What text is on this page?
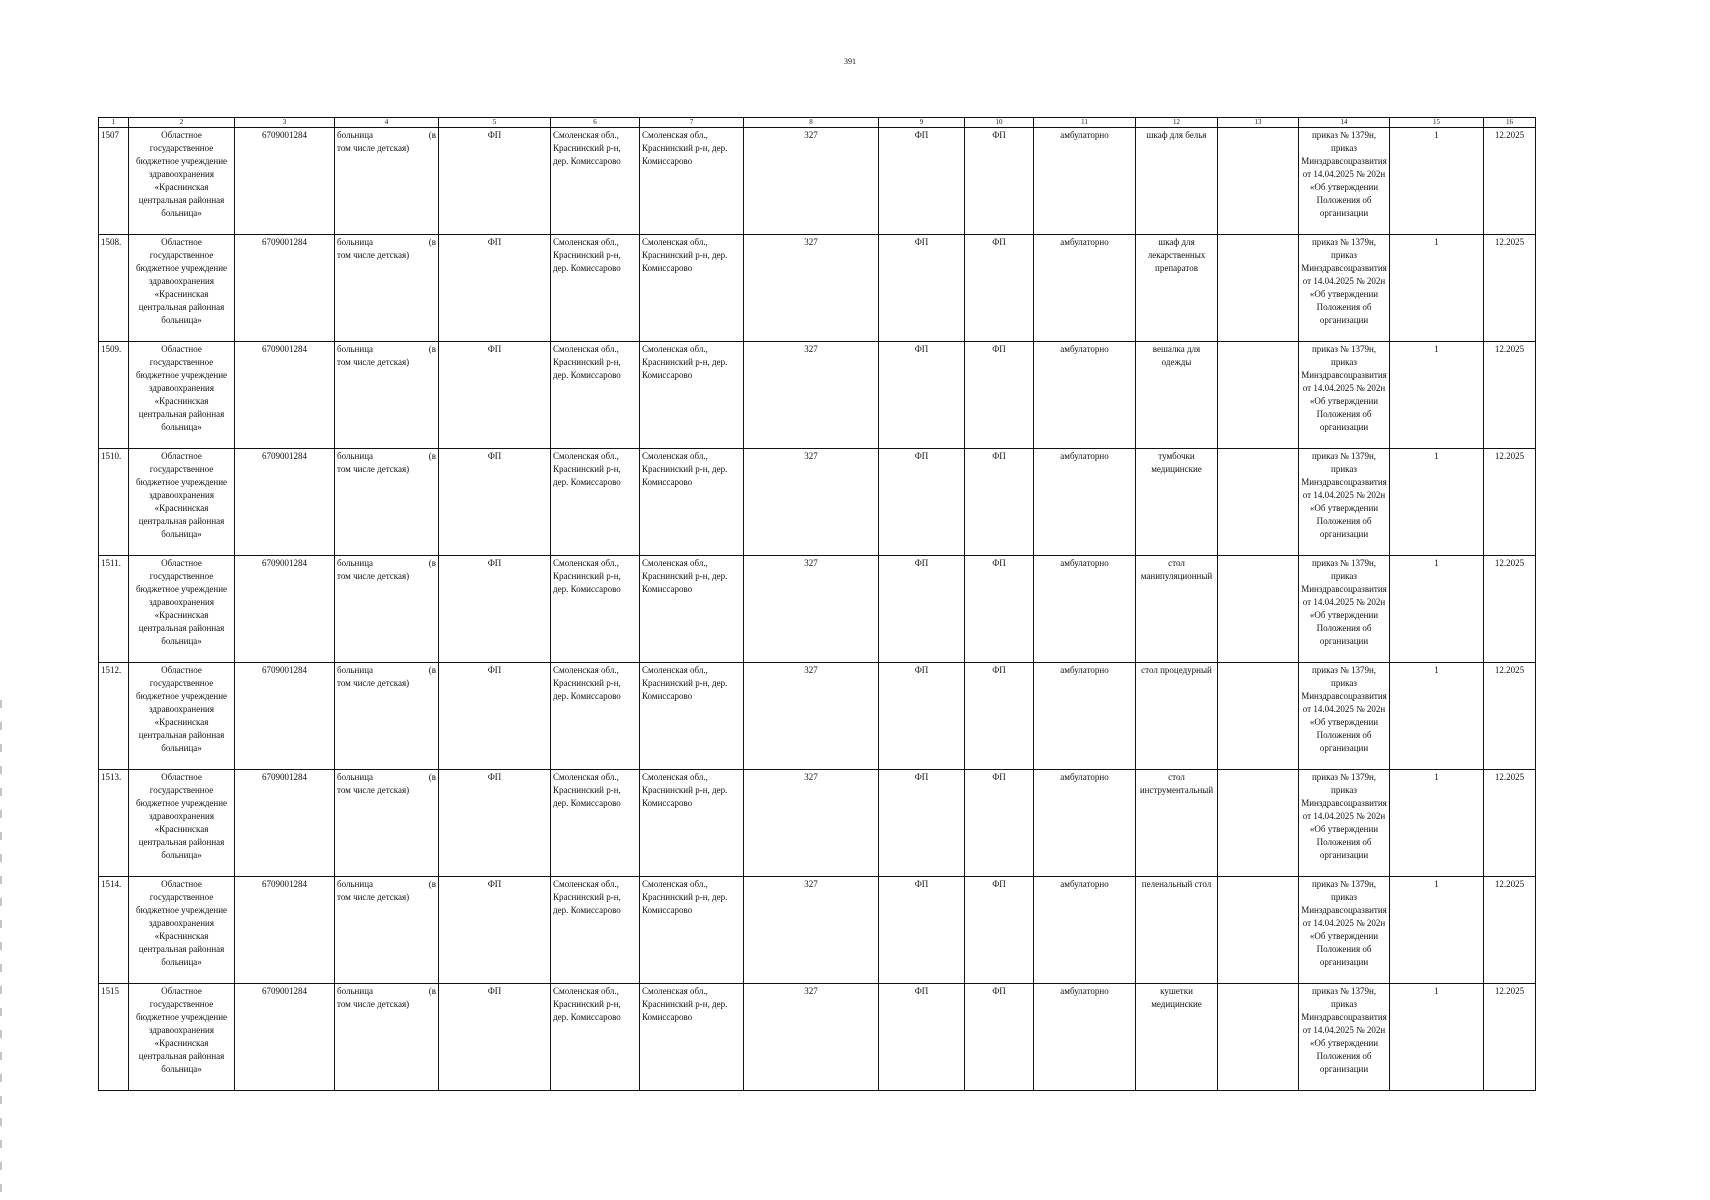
391
1	2	3	4	5	6	7	8	9	10	11	12	13	14	15	16
1507	Областное государственное бюджетное учреждение здравоохранения «Краснинская центральная районная больница»	6709001284	больница (в
том числе детская)	ФП	Смоленская обл., Краснинский р-н, дер. Комиссарово	Смоленская обл., Краснинский р-н, дер. Комиссарово	327	ФП	ФП	амбулаторно	шкаф для белья		приказ № 1379н, приказ Минздравсоцразвития от 14.04.2025 № 202н «Об утверждении Положения об организации	1	12.2025
1508.	Областное государственное бюджетное учреждение здравоохранения «Краснинская центральная районная больница»	6709001284	больница (в
том числе детская)	ФП	Смоленская обл., Краснинский р-н, дер. Комиссарово	Смоленская обл., Краснинский р-н, дер. Комиссарово	327	ФП	ФП	амбулаторно	шкаф для лекарственных препаратов		приказ № 1379н, приказ Минздравсоцразвития от 14.04.2025 № 202н «Об утверждении Положения об организации	1	12.2025
1509.	Областное государственное бюджетное учреждение здравоохранения «Краснинская центральная районная больница»	6709001284	больница (в
том числе детская)	ФП	Смоленская обл., Краснинский р-н, дер. Комиссарово	Смоленская обл., Краснинский р-н, дер. Комиссарово	327	ФП	ФП	амбулаторно	вешалка для одежды		приказ № 1379н, приказ Минздравсоцразвития от 14.04.2025 № 202н «Об утверждении Положения об организации	1	12.2025
1510.	Областное государственное бюджетное учреждение здравоохранения «Краснинская центральная районная больница»	6709001284	больница (в
том числе детская)	ФП	Смоленская обл., Краснинский р-н, дер. Комиссарово	Смоленская обл., Краснинский р-н, дер. Комиссарово	327	ФП	ФП	амбулаторно	тумбочки медицинские		приказ № 1379н, приказ Минздравсоцразвития от 14.04.2025 № 202н «Об утверждении Положения об организации	1	12.2025
1511.	Областное государственное бюджетное учреждение здравоохранения «Краснинская центральная районная больница»	6709001284	больница (в
том числе детская)	ФП	Смоленская обл., Краснинский р-н, дер. Комиссарово	Смоленская обл., Краснинский р-н, дер. Комиссарово	327	ФП	ФП	амбулаторно	стол манипуляционный		приказ № 1379н, приказ Минздравсоцразвития от 14.04.2025 № 202н «Об утверждении Положения об организации	1	12.2025
1512.	Областное государственное бюджетное учреждение здравоохранения «Краснинская центральная районная больница»	6709001284	больница (в
том числе детская)	ФП	Смоленская обл., Краснинский р-н, дер. Комиссарово	Смоленская обл., Краснинский р-н, дер. Комиссарово	327	ФП	ФП	амбулаторно	стол процедурный		приказ № 1379н, приказ Минздравсоцразвития от 14.04.2025 № 202н «Об утверждении Положения об организации	1	12.2025
1513.	Областное государственное бюджетное учреждение здравоохранения «Краснинская центральная районная больница»	6709001284	больница (в
том числе детская)	ФП	Смоленская обл., Краснинский р-н, дер. Комиссарово	Смоленская обл., Краснинский р-н, дер. Комиссарово	327	ФП	ФП	амбулаторно	стол инструментальный		приказ № 1379н, приказ Минздравсоцразвития от 14.04.2025 № 202н «Об утверждении Положения об организации	1	12.2025
1514.	Областное государственное бюджетное учреждение здравоохранения «Краснинская центральная районная больница»	6709001284	больница (в
том числе детская)	ФП	Смоленская обл., Краснинский р-н, дер. Комиссарово	Смоленская обл., Краснинский р-н, дер. Комиссарово	327	ФП	ФП	амбулаторно	пеленальный стол		приказ № 1379н, приказ Минздравсоцразвития от 14.04.2025 № 202н «Об утверждении Положения об организации	1	12.2025
1515	Областное государственное бюджетное учреждение здравоохранения «Краснинская центральная районная больница»	6709001284	больница (в
том числе детская)	ФП	Смоленская обл., Краснинский р-н, дер. Комиссарово	Смоленская обл., Краснинский р-н, дер. Комиссарово	327	ФП	ФП	амбулаторно	кушетки медицинские		приказ № 1379н, приказ Минздравсоцразвития от 14.04.2025 № 202н «Об утверждении Положения об организации	1	12.2025
